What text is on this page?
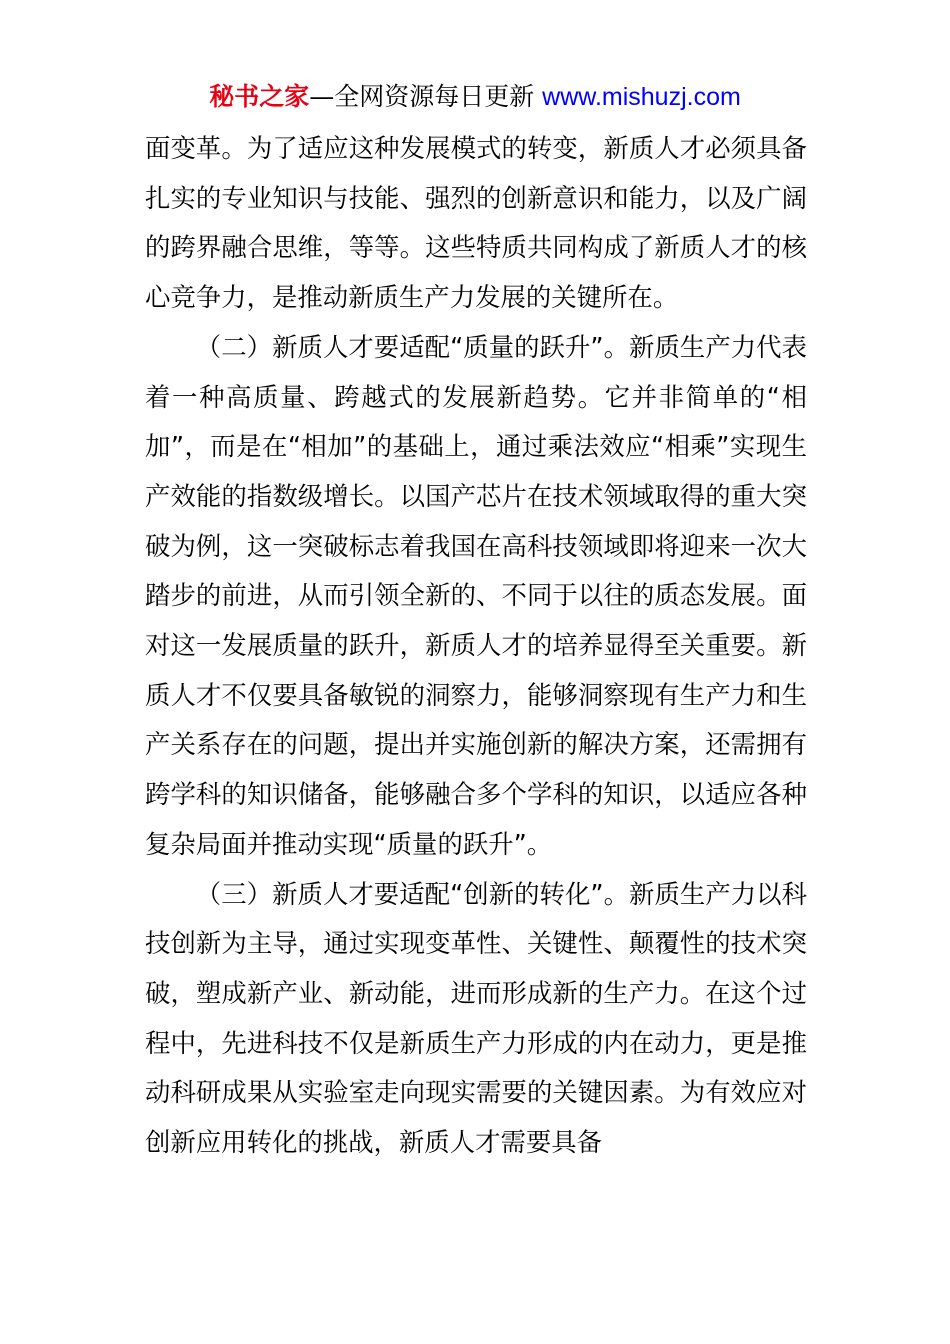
秘书之家—全网资源每日更新 www.mishuzj.com

面变革。为了适应这种发展模式的转变，新质人才必须具备扎实的专业知识与技能、强烈的创新意识和能力，以及广阔的跨界融合思维，等等。这些特质共同构成了新质人才的核心竞争力，是推动新质生产力发展的关键所在。

（二）新质人才要适配“质量的跃升”。新质生产力代表着一种高质量、跨越式的发展新趋势。它并非简单的“相加”，而是在“相加”的基础上，通过乘法效应“相乘”实现生产效能的指数级增长。以国产芯片在技术领域取得的重大突破为例，这一突破标志着我国在高科技领域即将迎来一次大踏步的前进，从而引领全新的、不同于以往的质态发展。面对这一发展质量的跃升，新质人才的培养显得至关重要。新质人才不仅要具备敏锐的洞察力，能够洞察现有生产力和生产关系存在的问题，提出并实施创新的解决方案，还需拥有跨学科的知识储备，能够融合多个学科的知识，以适应各种复杂局面并推动实现“质量的跃升”。

（三）新质人才要适配“创新的转化”。新质生产力以科技创新为主导，通过实现变革性、关键性、颠覆性的技术突破，塑成新产业、新动能，进而形成新的生产力。在这个过程中，先进科技不仅是新质生产力形成的内在动力，更是推动科研成果从实验室走向现实需要的关键因素。为有效应对创新应用转化的挑战，新质人才需要具备
